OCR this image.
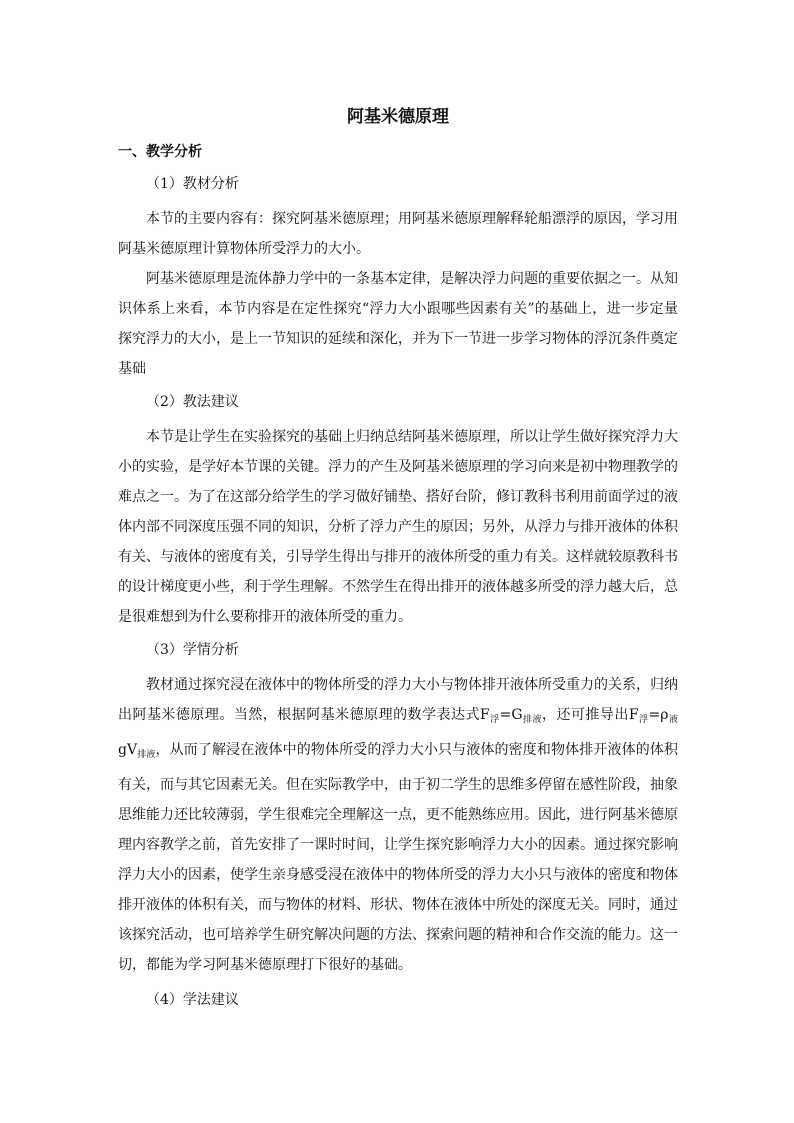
阿基米德原理
一、教学分析
（1）教材分析

本节的主要内容有：探究阿基米德原理；用阿基米德原理解释轮船漂浮的原因，学习用阿基米德原理计算物体所受浮力的大小。

阿基米德原理是流体静力学中的一条基本定律，是解决浮力问题的重要依据之一。从知识体系上来看，本节内容是在定性探究“浮力大小跟哪些因素有关”的基础上，进一步定量探究浮力的大小，是上一节知识的延续和深化，并为下一节进一步学习物体的浮沉条件奠定基础

（2）教法建议

本节是让学生在实验探究的基础上归纳总结阿基米德原理，所以让学生做好探究浮力大小的实验，是学好本节课的关键。浮力的产生及阿基米德原理的学习向来是初中物理教学的难点之一。为了在这部分给学生的学习做好铺垫、搭好台阶，修订教科书利用前面学过的液体内部不同深度压强不同的知识，分析了浮力产生的原因；另外，从浮力与排开液体的体积有关、与液体的密度有关，引导学生得出与排开的液体所受的重力有关。这样就较原教科书的设计梯度更小些，利于学生理解。不然学生在得出排开的液体越多所受的浮力越大后，总是很难想到为什么要称排开的液体所受的重力。

（3）学情分析

教材通过探究浸在液体中的物体所受的浮力大小与物体排开液体所受重力的关系，归纳出阿基米德原理。当然，根据阿基米德原理的数学表达式$F_浮=G_{排液}$，还可推导出$F_浮=\rho_液gV_{排液}$，从而了解浸在液体中的物体所受的浮力大小只与液体的密度和物体排开液体的体积有关，而与其它因素无关。但在实际教学中，由于初二学生的思维多停留在感性阶段，抽象思维能力还比较薄弱，学生很难完全理解这一点，更不能熟练应用。因此，进行阿基米德原理内容教学之前，首先安排了一课时时间，让学生探究影响浮力大小的因素。通过探究影响浮力大小的因素，使学生亲身感受浸在液体中的物体所受的浮力大小只与液体的密度和物体排开液体的体积有关，而与物体的材料、形状、物体在液体中所处的深度无关。同时，通过该探究活动，也可培养学生研究解决问题的方法、探索问题的精神和合作交流的能力。这一切，都能为学习阿基米德原理打下很好的基础。

（4）学法建议
